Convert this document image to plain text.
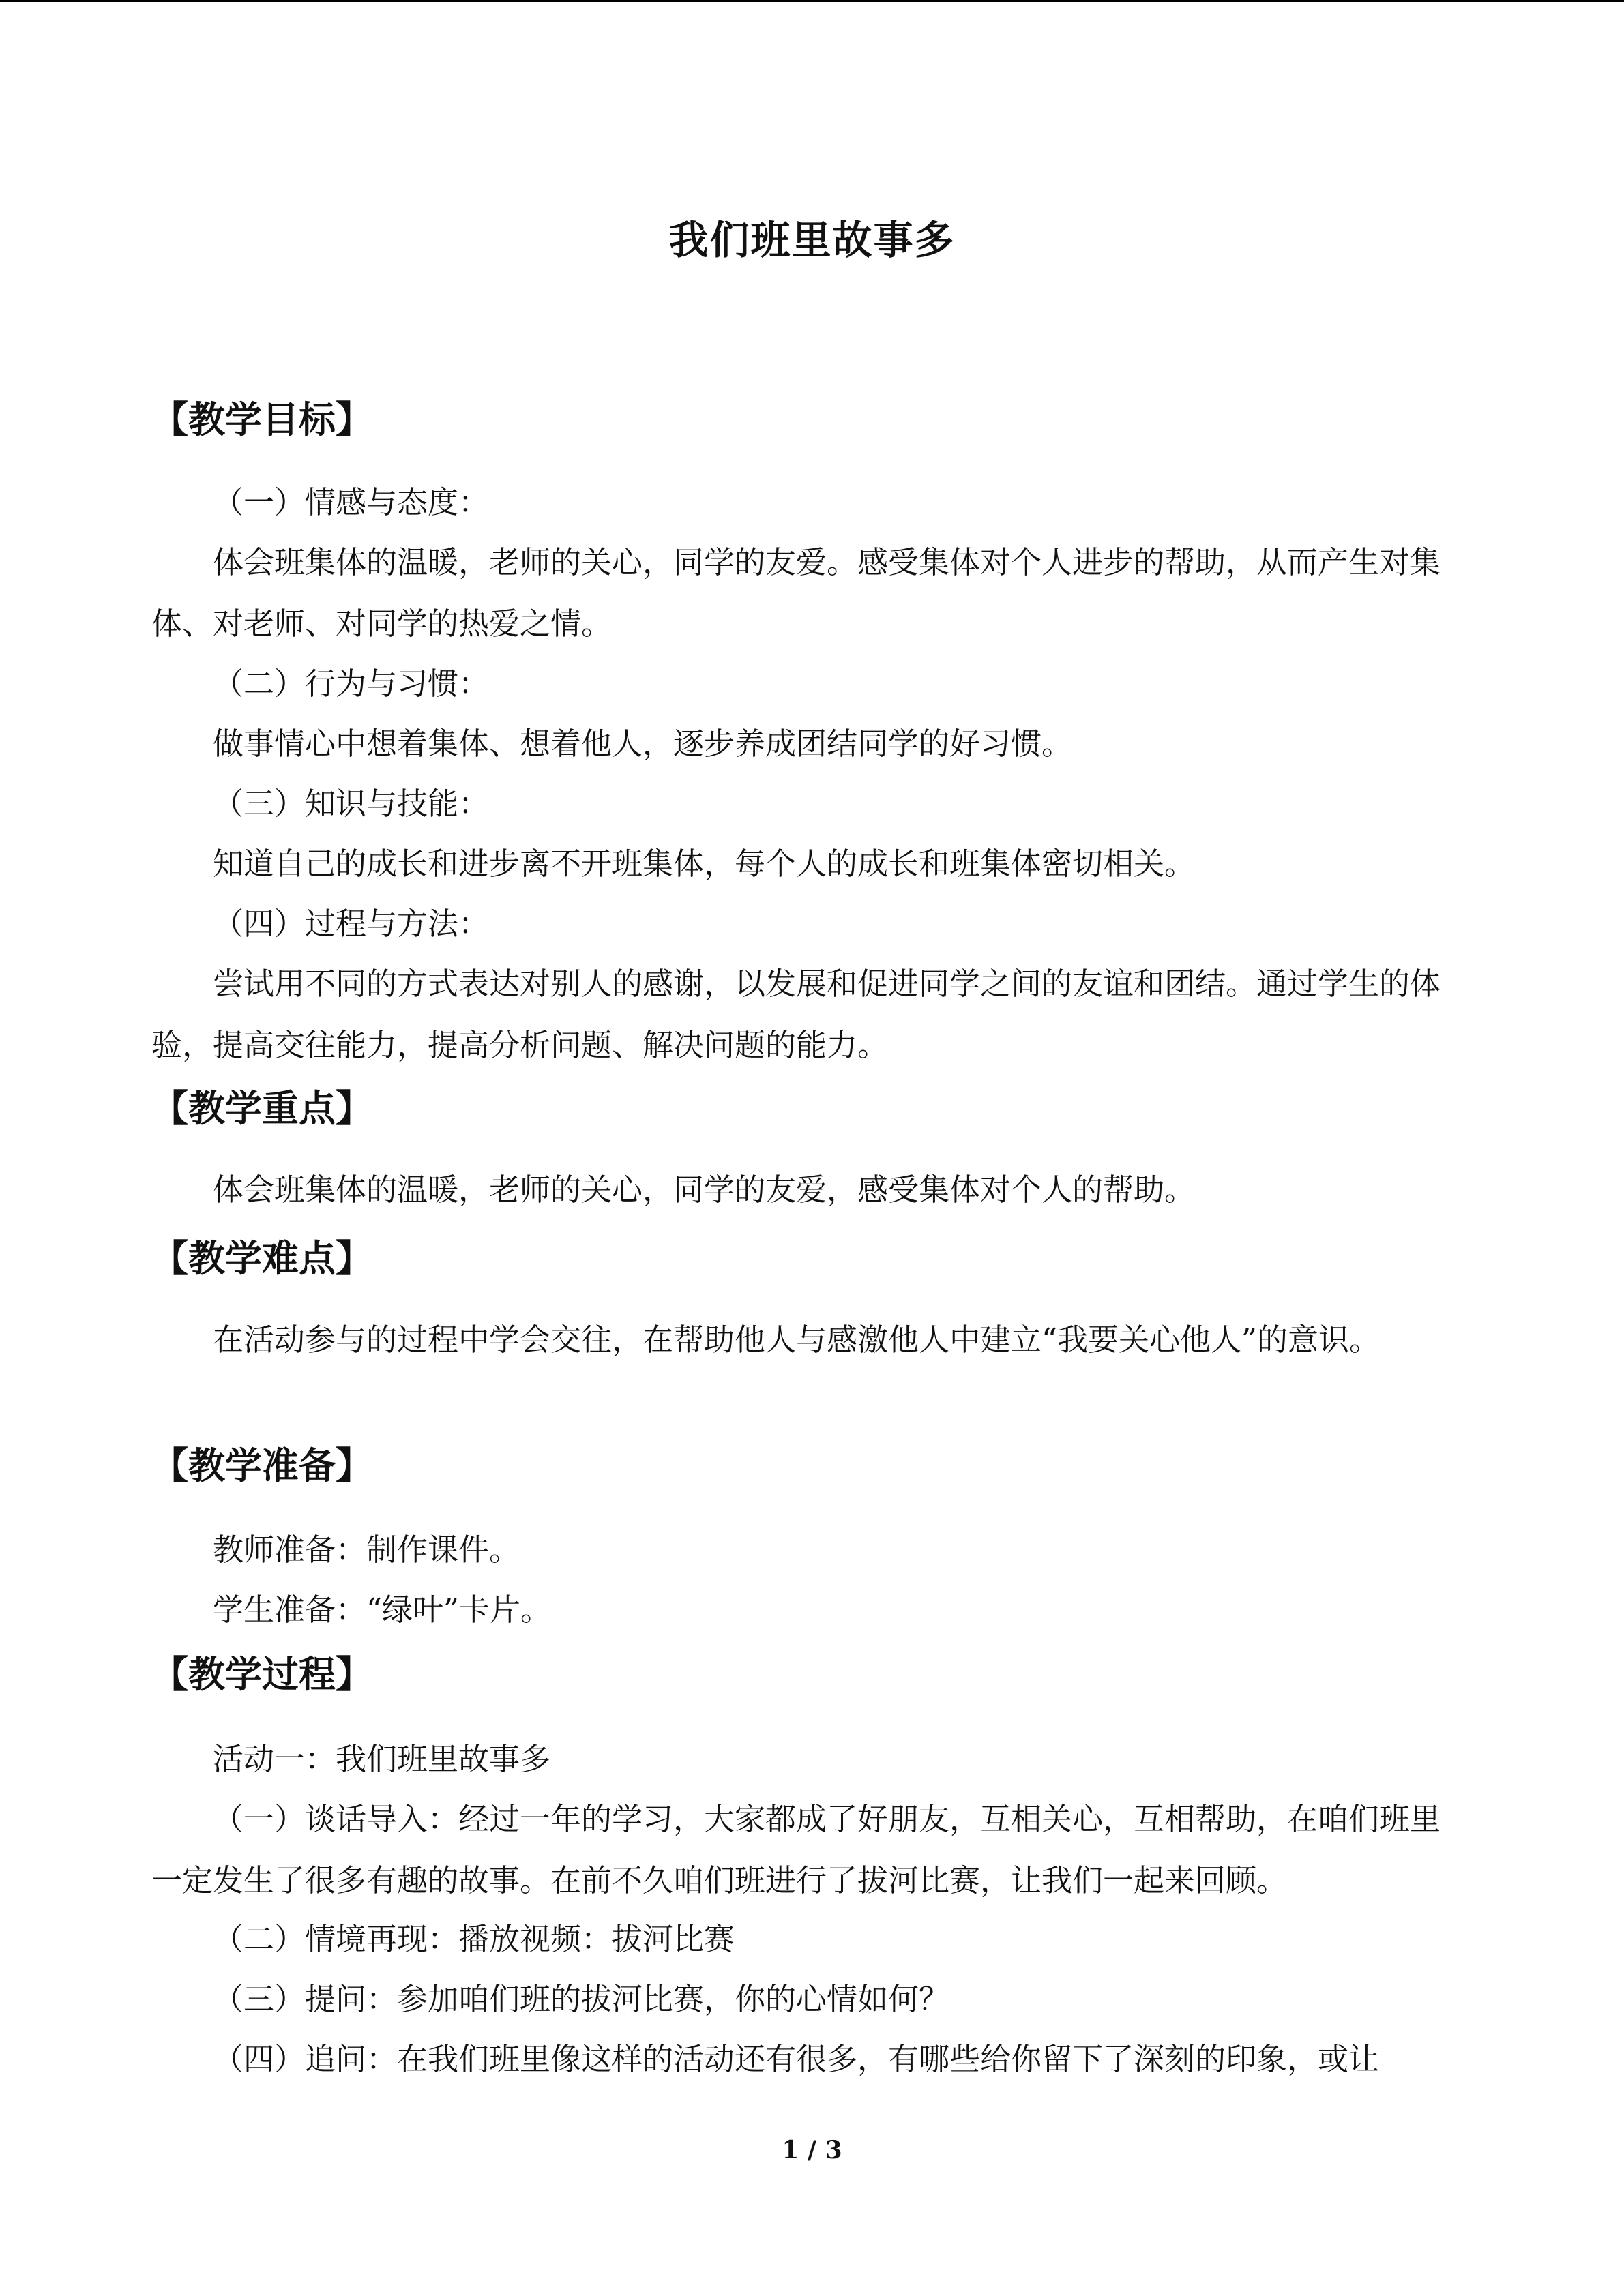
我们班里故事多
【教学目标】
（一）情感与态度：

体会班集体的温暖，老师的关心，同学的友爱。感受集体对个人进步的帮助，从而产生对集体、对老师、对同学的热爱之情。

（二）行为与习惯：
做事情心中想着集体、想着他人，逐步养成团结同学的好习惯。
（三）知识与技能：
知道自己的成长和进步离不开班集体，每个人的成长和班集体密切相关。
（四）过程与方法：

尝试用不同的方式表达对别人的感谢，以发展和促进同学之间的友谊和团结。通过学生的体验，提高交往能力，提高分析问题、解决问题的能力。

【教学重点】
体会班集体的温暖，老师的关心，同学的友爱，感受集体对个人的帮助。
【教学难点】

在活动参与的过程中学会交往，在帮助他人与感激他人中建立“我要关心他人”的意识。

【教学准备】
教师准备：制作课件。
学生准备：“绿叶”卡片。
【教学过程】
活动一：我们班里故事多

（一）谈话导入：经过一年的学习，大家都成了好朋友，互相关心，互相帮助，在咱们班里一定发生了很多有趣的故事。在前不久咱们班进行了拔河比赛，让我们一起来回顾。

（二）情境再现：播放视频：拔河比赛
（三）提问：参加咱们班的拔河比赛，你的心情如何？
（四）追问：在我们班里像这样的活动还有很多，有哪些给你留下了深刻的印象，或让
1 / 3
